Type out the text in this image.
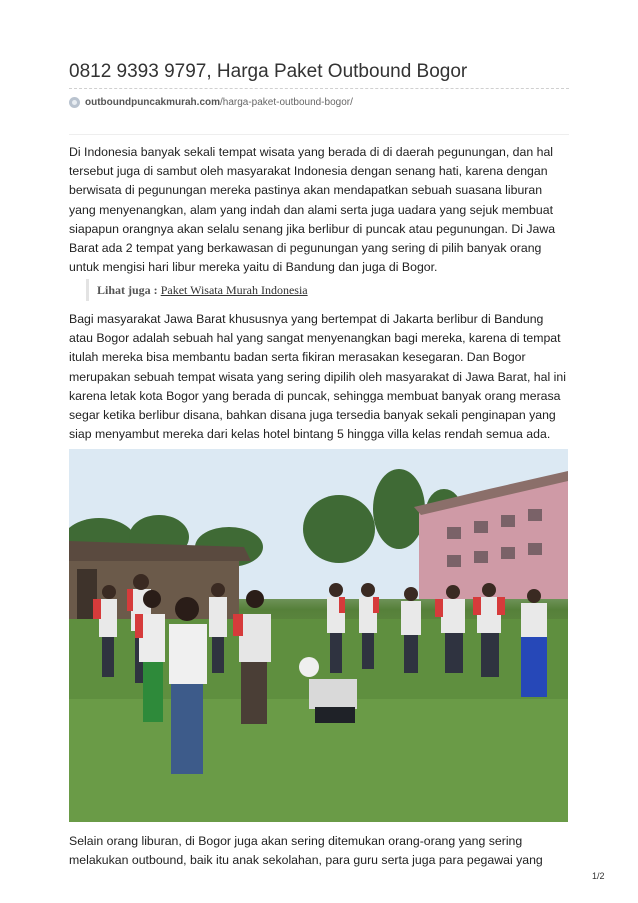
0812 9393 9797, Harga Paket Outbound Bogor
outboundpuncakmurah.com /harga-paket-outbound-bogor/

Di Indonesia banyak sekali tempat wisata yang berada di di daerah pegunungan, dan hal tersebut juga di sambut oleh masyarakat Indonesia dengan senang hati, karena dengan berwisata di pegunungan mereka pastinya akan mendapatkan sebuah suasana liburan yang menyenangkan, alam yang indah dan alami serta juga uadara yang sejuk membuat siapapun orangnya akan selalu senang jika berlibur di puncak atau pegunungan. Di Jawa Barat ada 2 tempat yang berkawasan di pegunungan yang sering di pilih banyak orang untuk mengisi hari libur mereka yaitu di Bandung dan juga di Bogor.

Lihat juga : Paket Wisata Murah Indonesia

Bagi masyarakat Jawa Barat khususnya yang bertempat di Jakarta berlibur di Bandung atau Bogor adalah sebuah hal yang sangat menyenangkan bagi mereka, karena di tempat itulah mereka bisa membantu badan serta fikiran merasakan kesegaran. Dan Bogor merupakan sebuah tempat wisata yang sering dipilih oleh masyarakat di Jawa Barat, hal ini karena letak kota Bogor yang berada di puncak, sehingga membuat banyak orang merasa segar ketika berlibur disana, bahkan disana juga tersedia banyak sekali penginapan yang siap menyambut mereka dari kelas hotel bintang 5 hingga villa kelas rendah semua ada.

Selain orang liburan, di Bogor juga akan sering ditemukan orang-orang yang sering melakukan outbound, baik itu anak sekolahan, para guru serta juga para pegawai yang

1/2
